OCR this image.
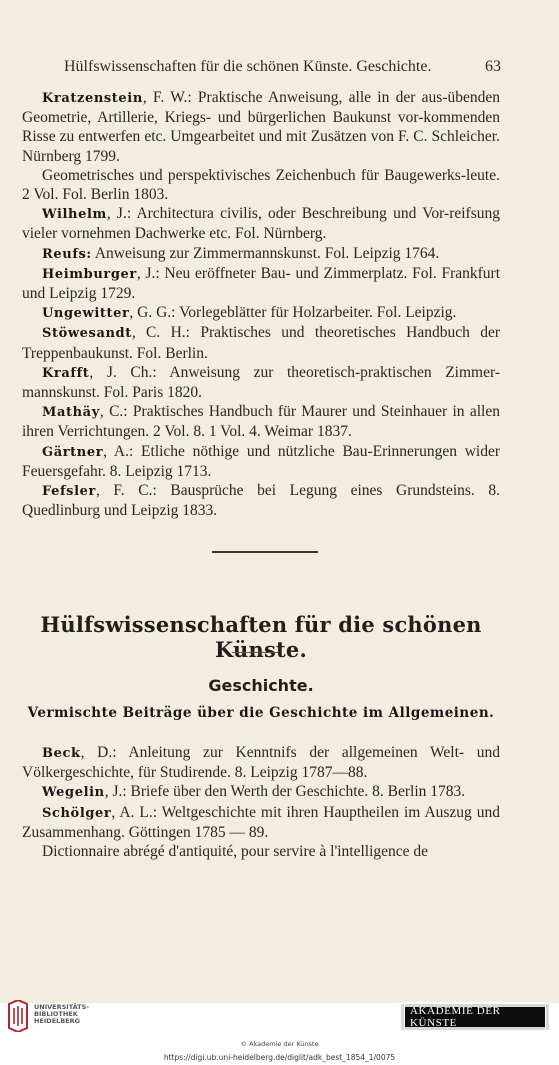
Hülfswissenschaften für die schönen Künste. Geschichte.	63

Kratzenstein, F. W.: Praktische Anweisung, alle in der aus-übenden Geometrie, Artillerie, Kriegs- und bürgerlichen Baukunst vor-kommenden Risse zu entwerfen etc. Umgearbeitet und mit Zusätzen von F. C. Schleicher. Nürnberg 1799.

Geometrisches und perspektivisches Zeichenbuch für Baugewerks-leute. 2 Vol. Fol. Berlin 1803.

Wilhelm, J.: Architectura civilis, oder Beschreibung und Vor-reifsung vieler vornehmen Dachwerke etc. Fol. Nürnberg.

Reufs: Anweisung zur Zimmermannskunst. Fol. Leipzig 1764.

Heimburger, J.: Neu eröffneter Bau- und Zimmerplatz. Fol. Frankfurt und Leipzig 1729.

Ungewitter, G. G.: Vorlegeblätter für Holzarbeiter. Fol. Leipzig.

Stöwesandt, C. H.: Praktisches und theoretisches Handbuch der Treppenbaukunst. Fol. Berlin.

Krafft, J. Ch.: Anweisung zur theoretisch-praktischen Zimmer-mannskunst. Fol. Paris 1820.

Mathäy, C.: Praktisches Handbuch für Maurer und Steinhauer in allen ihren Verrichtungen. 2 Vol. 8. 1 Vol. 4. Weimar 1837.

Gärtner, A.: Etliche nöthige und nützliche Bau-Erinnerungen wider Feuersgefahr. 8. Leipzig 1713.

Fefsler, F. C.: Bausprüche bei Legung eines Grundsteins. 8. Quedlinburg und Leipzig 1833.

Hülfswissenschaften für die schönen Künste.
Geschichte.
Vermischte Beiträge über die Geschichte im Allgemeinen.

Beck, D.: Anleitung zur Kenntnifs der allgemeinen Welt- und Völkergeschichte, für Studirende. 8. Leipzig 1787—88.

Wegelin, J.: Briefe über den Werth der Geschichte. 8. Berlin 1783.

Schölger, A. L.: Weltgeschichte mit ihren Hauptheilen im Auszug und Zusammenhang. Göttingen 1785 — 89.

Dictionnaire abrégé d'antiquité, pour servire à l'intelligence de

UNIVERSITÄTS-
BIBLIOTHEK
HEIDELBERG
AKADEMIE DER KÜNSTE
© Akademie der Künste
https://digi.ub.uni-heidelberg.de/diglit/adk_best_1854_1/0075
